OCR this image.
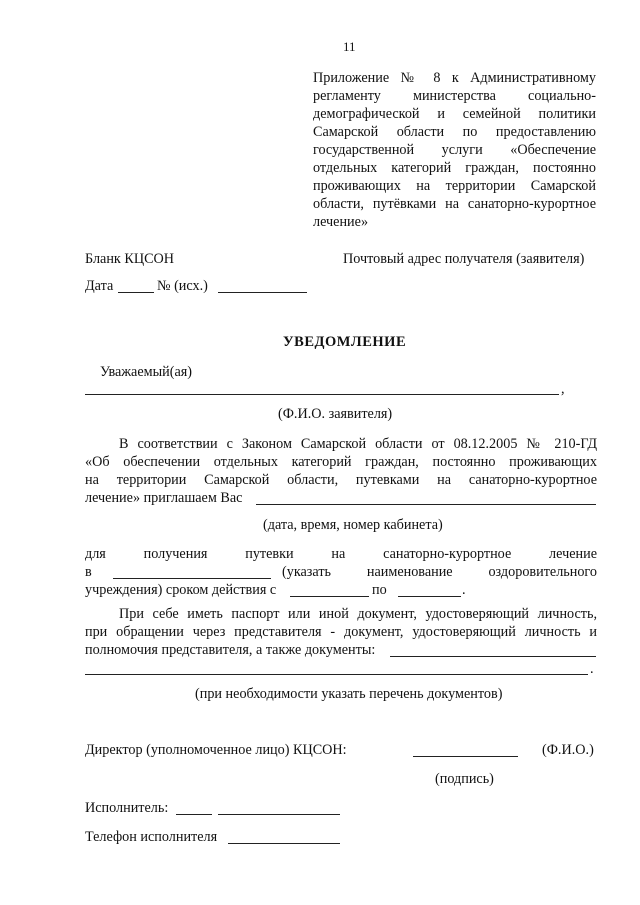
11
Приложение № 8 к Административному
регламенту министерства социально-
демографической и семейной политики
Самарской области по предоставлению
государственной услуги «Обеспечение
отдельных категорий граждан, постоянно
проживающих на территории Самарской
области, путёвками на санаторно-курортное
лечение»
Бланк КЦСОН	Почтовый адрес получателя (заявителя)
Дата	№ (исх.)
УВЕДОМЛЕНИЕ
Уважаемый(ая)
,
(Ф.И.О. заявителя)
В соответствии с Законом Самарской области от 08.12.2005 № 210-ГД
«Об обеспечении отдельных категорий граждан, постоянно проживающих
на территории Самарской области, путевками на санаторно-курортное
лечение» приглашаем Вас
(дата, время, номер кабинета)
для получения путевки на санаторно-курортное лечение
в	(указать наименование оздоровительного
учреждения) сроком действия с	по	.
При себе иметь паспорт или иной документ, удостоверяющий личность,
при обращении через представителя - документ, удостоверяющий личность и
полномочия представителя, а также документы:
.
(при необходимости указать перечень документов)
Директор (уполномоченное лицо) КЦСОН:	(Ф.И.О.)
(подпись)
Исполнитель:
Телефон исполнителя
